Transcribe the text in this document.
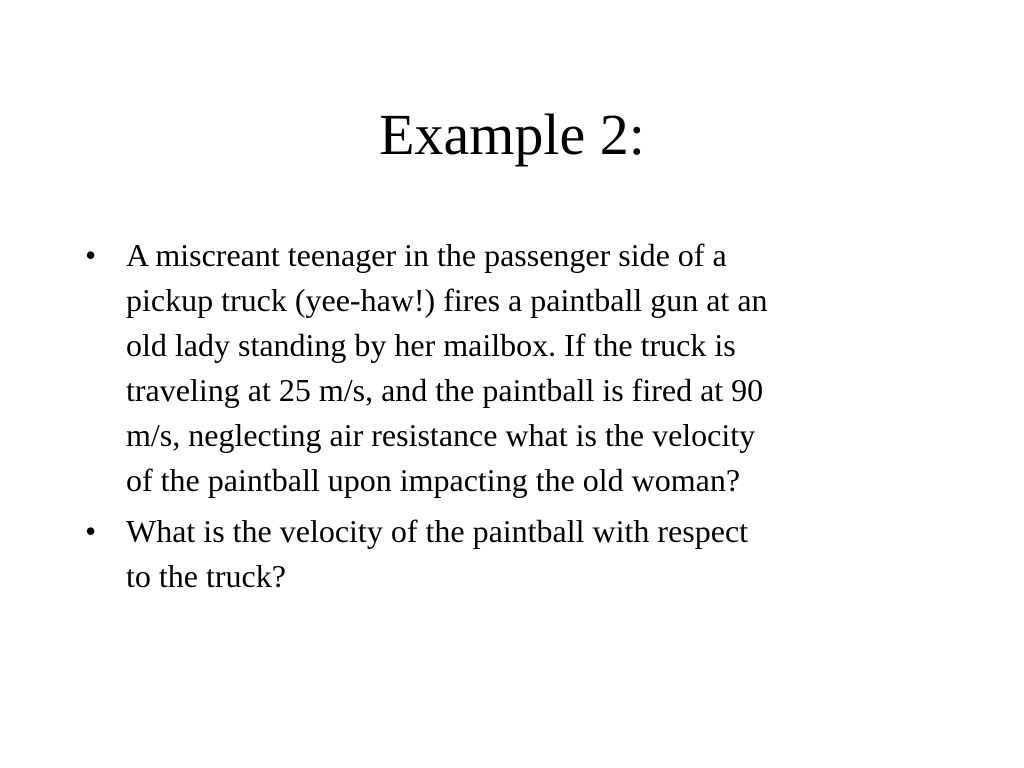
Example 2:
• A miscreant teenager in the passenger side of a
pickup truck (yee-haw!) fires a paintball gun at an
old lady standing by her mailbox. If the truck is
traveling at 25 m/s, and the paintball is fired at 90
m/s, neglecting air resistance what is the velocity
of the paintball upon impacting the old woman?
• What is the velocity of the paintball with respect
to the truck?
